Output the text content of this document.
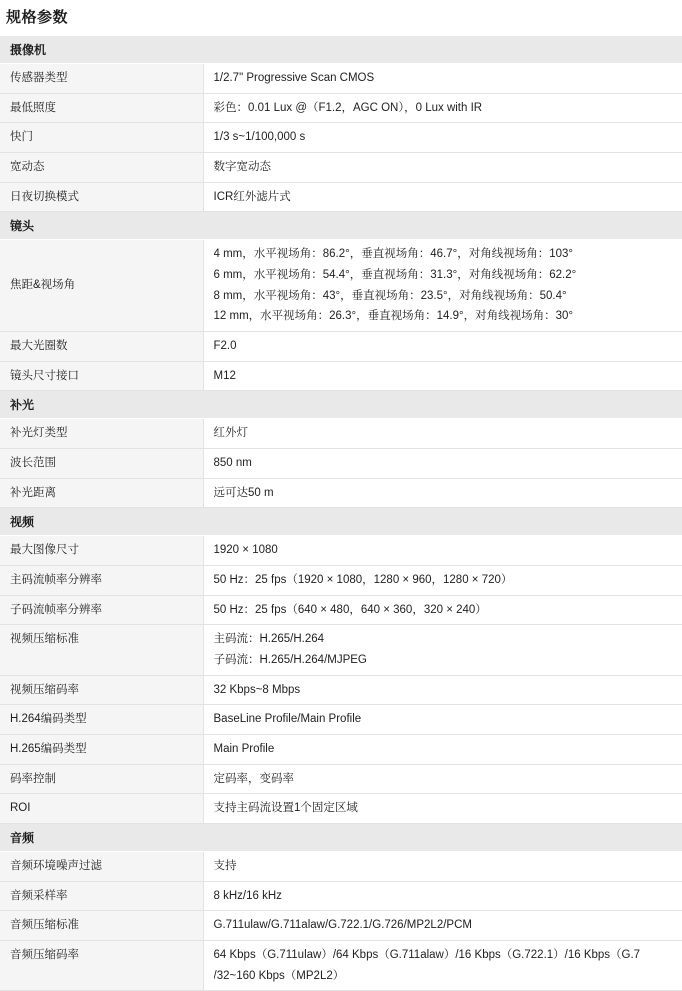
规格参数
摄像机	
传感器类型	1/2.7" Progressive Scan CMOS

最低照度	彩色：0.01 Lux @（F1.2，AGC ON），0 Lux with IR

快门	1/3 s~1/100,000 s

宽动态	数字宽动态

日夜切换模式	ICR红外滤片式

镜头	
焦距&视场角	4 mm，水平视场角：86.2°，垂直视场角：46.7°，对角线视场角：103°
6 mm，水平视场角：54.4°，垂直视场角：31.3°，对角线视场角：62.2°
8 mm，水平视场角：43°，垂直视场角：23.5°，对角线视场角：50.4°
12 mm，水平视场角：26.3°，垂直视场角：14.9°，对角线视场角：30°

最大光圈数	F2.0

镜头尺寸接口	M12

补光	
补光灯类型	红外灯

波长范围	850 nm

补光距离	远可达50 m

视频	
最大图像尺寸	1920 × 1080

主码流帧率分辨率	50 Hz：25 fps（1920 × 1080，1280 × 960，1280 × 720）

子码流帧率分辨率	50 Hz：25 fps（640 × 480，640 × 360，320 × 240）

视频压缩标准	主码流：H.265/H.264
子码流：H.265/H.264/MJPEG

视频压缩码率	32 Kbps~8 Mbps

H.264编码类型	BaseLine Profile/Main Profile

H.265编码类型	Main Profile

码率控制	定码率，变码率

ROI	支持主码流设置1个固定区域

音频	
音频环境噪声过滤	支持

音频采样率	8 kHz/16 kHz

音频压缩标准	G.711ulaw/G.711alaw/G.722.1/G.726/MP2L2/PCM

音频压缩码率	64 Kbps（G.711ulaw）/64 Kbps（G.711alaw）/16 Kbps（G.722.1）/16 Kbps（G.7
/32~160 Kbps（MP2L2）
